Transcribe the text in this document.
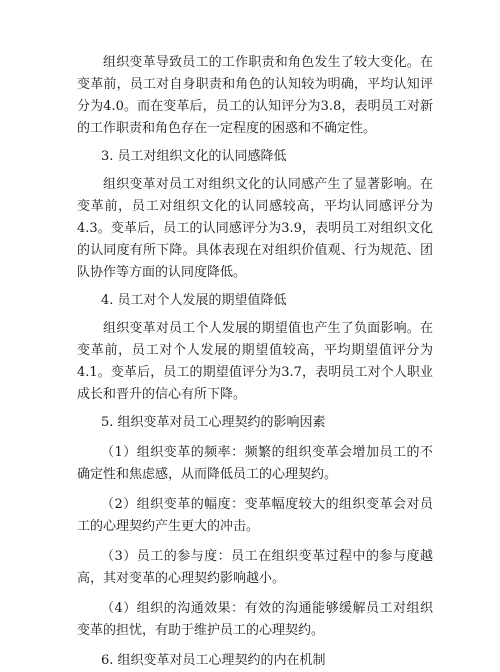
组织变革导致员工的工作职责和角色发生了较大变化。在变革前，员工对自身职责和角色的认知较为明确，平均认知评分为4.0。而在变革后，员工的认知评分为3.8，表明员工对新的工作职责和角色存在一定程度的困惑和不确定性。

3. 员工对组织文化的认同感降低

组织变革对员工对组织文化的认同感产生了显著影响。在变革前，员工对组织文化的认同感较高，平均认同感评分为4.3。变革后，员工的认同感评分为3.9，表明员工对组织文化的认同度有所下降。具体表现在对组织价值观、行为规范、团队协作等方面的认同度降低。

4. 员工对个人发展的期望值降低

组织变革对员工个人发展的期望值也产生了负面影响。在变革前，员工对个人发展的期望值较高，平均期望值评分为4.1。变革后，员工的期望值评分为3.7，表明员工对个人职业成长和晋升的信心有所下降。

5. 组织变革对员工心理契约的影响因素

（1）组织变革的频率：频繁的组织变革会增加员工的不确定性和焦虑感，从而降低员工的心理契约。

（2）组织变革的幅度：变革幅度较大的组织变革会对员工的心理契约产生更大的冲击。

（3）员工的参与度：员工在组织变革过程中的参与度越高，其对变革的心理契约影响越小。

（4）组织的沟通效果：有效的沟通能够缓解员工对组织变革的担忧，有助于维护员工的心理契约。

6. 组织变革对员工心理契约的内在机制
